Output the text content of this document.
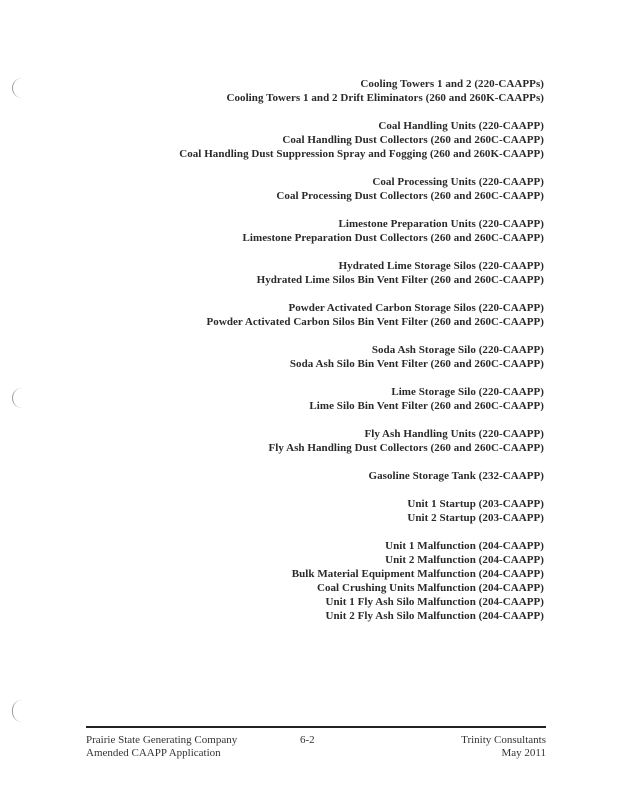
Cooling Towers 1 and 2 (220-CAAPPs)
Cooling Towers 1 and 2 Drift Eliminators (260 and 260K-CAAPPs)
Coal Handling Units (220-CAAPP)
Coal Handling Dust Collectors (260 and 260C-CAAPP)
Coal Handling Dust Suppression Spray and Fogging (260 and 260K-CAAPP)
Coal Processing Units (220-CAAPP)
Coal Processing Dust Collectors (260 and 260C-CAAPP)
Limestone Preparation Units (220-CAAPP)
Limestone Preparation Dust Collectors (260 and 260C-CAAPP)
Hydrated Lime Storage Silos (220-CAAPP)
Hydrated Lime Silos Bin Vent Filter (260 and 260C-CAAPP)
Powder Activated Carbon Storage Silos (220-CAAPP)
Powder Activated Carbon Silos Bin Vent Filter (260 and 260C-CAAPP)
Soda Ash Storage Silo (220-CAAPP)
Soda Ash Silo Bin Vent Filter (260 and 260C-CAAPP)
Lime Storage Silo (220-CAAPP)
Lime Silo Bin Vent Filter (260 and 260C-CAAPP)
Fly Ash Handling Units (220-CAAPP)
Fly Ash Handling Dust Collectors (260 and 260C-CAAPP)
Gasoline Storage Tank (232-CAAPP)
Unit 1 Startup (203-CAAPP)
Unit 2 Startup (203-CAAPP)
Unit 1 Malfunction (204-CAAPP)
Unit 2 Malfunction (204-CAAPP)
Bulk Material Equipment Malfunction (204-CAAPP)
Coal Crushing Units Malfunction (204-CAAPP)
Unit 1 Fly Ash Silo Malfunction (204-CAAPP)
Unit 2 Fly Ash Silo Malfunction (204-CAAPP)
Prairie State Generating Company
Amended CAAPP Application
6-2	Trinity Consultants
May 2011
